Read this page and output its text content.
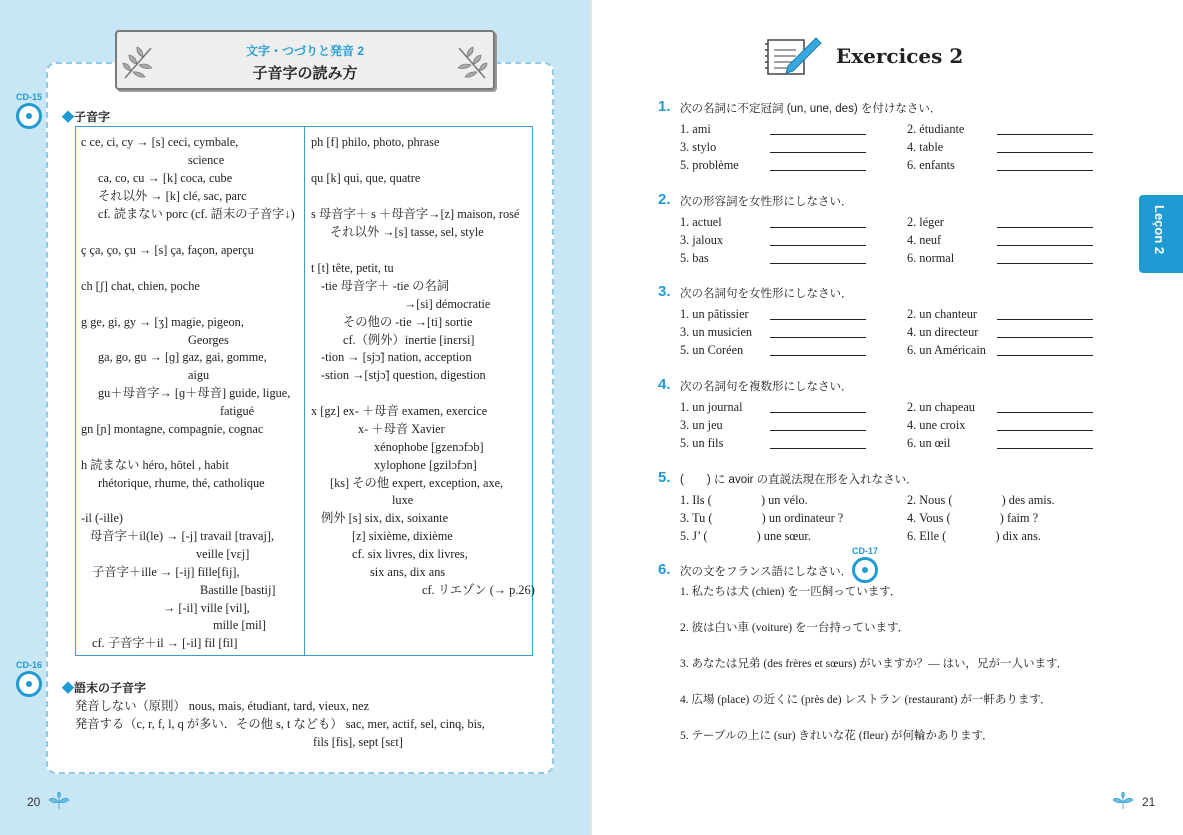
文字・つづりと発音 2
子音字の読み方
CD-15
CD-16
◆子音字
c ce, ci, cy → [s] ceci, cymbale,
science
ca, co, cu → [k] coca, cube
それ以外 → [k] clé, sac, parc
cf. 読まない porc (cf. 語末の子音字↓)
ç ça, ço, çu → [s] ça, façon, aperçu
ch [ʃ] chat, chien, poche
g ge, gi, gy → [ʒ] magie, pigeon,
Georges
ga, go, gu → [ɡ] gaz, gai, gomme,
aigu
gu＋母音字→ [ɡ＋母音] guide, ligue,
fatigué
gn [ɲ] montagne, compagnie, cognac
h 読まない héro, hôtel , habit
rhétorique, rhume, thé, catholique
-il (-ille)
母音字＋il(le) → [-j] travail [travaj],
veille [vɛj]
子音字＋ille → [-ij] fille[fij],
Bastille [bastij]
→ [-il] ville [vil],
mille [mil]
cf. 子音字＋il → [-il] fil [fil]
ph [f] philo, photo, phrase
qu [k] qui, que, quatre
s 母音字＋ s ＋母音字→[z] maison, rosé
それ以外 →[s] tasse, sel, style
t [t] tête, petit, tu
-tie 母音字＋ -tie の名詞
→[si] démocratie
その他の -tie →[ti] sortie
cf.（例外）inertie [inɛrsi]
-tion → [sjɔ̃] nation, acception
-stion →[stjɔ̃] question, digestion
x [gz] ex- ＋母音 examen, exercice
x- ＋母音 Xavier
xénophobe [gzenɔfɔb]
xylophone [gzilɔfɔn]
[ks] その他 expert, exception, axe,
luxe
例外 [s] six, dix, soixante
[z] sixième, dixième
cf. six livres, dix livres,
six ans, dix ans
cf. リエゾン (→ p.26)
◆語末の子音字
発音しない（原則） nous, mais, étudiant, tard, vieux, nez
発音する（c, r, f, l, q が多い．その他 s, t なども） sac, mer, actif, sel, cinq, bis,
fils [fis], sept [sɛt]
20
Exercices 2
Leçon 2
1. 次の名詞に不定冠詞 (un, une, des) を付けなさい．
1. ami	2. étudiante
3. stylo	4. table
5. problème	6. enfants
2. 次の形容詞を女性形にしなさい．
1. actuel	2. léger
3. jaloux	4. neuf
5. bas	6. normal
3. 次の名詞句を女性形にしなさい．
1. un pâtissier	2. un chanteur
3. un musicien	4. un directeur
5. un Coréen	6. un Américain
4. 次の名詞句を複数形にしなさい．
1. un journal	2. un chapeau
3. un jeu	4. une croix
5. un fils	6. un œil
5. (　　) に avoir の直説法現在形を入れなさい．
1. Ils (　　　　) un vélo.	2. Nous (　　　　) des amis.
3. Tu (　　　　) un ordinateur ?	4. Vous (　　　　) faim ?
5. J’ (　　　　) une sœur.	6. Elle (　　　　) dix ans.
6. 次の文をフランス語にしなさい．
1. 私たちは犬 (chien) を一匹飼っています．
2. 彼は白い車 (voiture) を一台持っています．
3. あなたは兄弟 (des frères et sœurs) がいますか？— はい，兄が一人います．
4. 広場 (place) の近くに (près de) レストラン (restaurant) が一軒あります．
5. テーブルの上に (sur) きれいな花 (fleur) が何輪かあります．
CD-17
21
